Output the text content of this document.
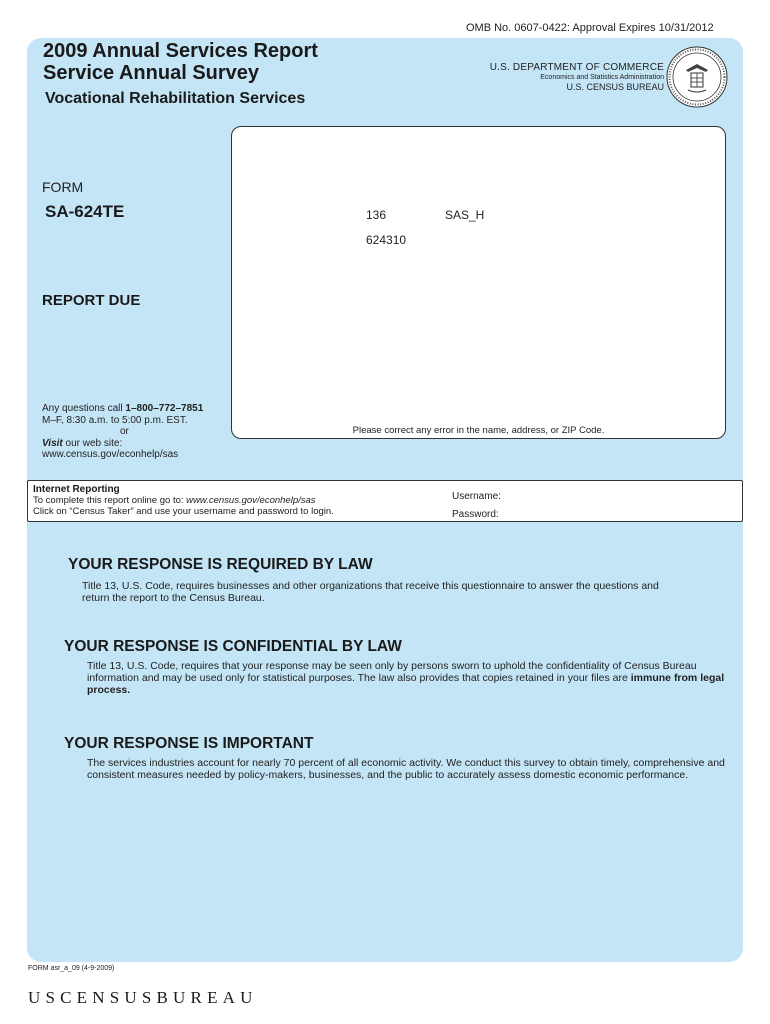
OMB No. 0607-0422: Approval Expires 10/31/2012
2009 Annual Services Report
Service Annual Survey
Vocational Rehabilitation Services
U.S. DEPARTMENT OF COMMERCE
Economics and Statistics Administration
U.S. CENSUS BUREAU
136	SAS_H
624310
Please correct any error in the name, address, or ZIP Code.
FORM
SA-624TE
REPORT DUE
Any questions call 1–800–772–7851
M–F, 8:30 a.m. to 5:00 p.m. EST.
or
Visit our web site:
www.census.gov/econhelp/sas
Internet Reporting
To complete this report online go to: www.census.gov/econhelp/sas
Click on “Census Taker” and use your username and password to login.
Username:
Password:
YOUR RESPONSE IS REQUIRED BY LAW
Title 13, U.S. Code, requires businesses and other organizations that receive this questionnaire to answer the questions and return the report to the Census Bureau.
YOUR RESPONSE IS CONFIDENTIAL BY LAW
Title 13, U.S. Code, requires that your response may be seen only by persons sworn to uphold the confidentiality of Census Bureau information and may be used only for statistical purposes. The law also provides that copies retained in your files are immune from legal process.
YOUR RESPONSE IS IMPORTANT
The services industries account for nearly 70 percent of all economic activity. We conduct this survey to obtain timely, comprehensive and consistent measures needed by policy-makers, businesses, and the public to accurately assess domestic economic performance.
FORM asr_a_09 (4-9-2009)
USCENSUSBUREAU
